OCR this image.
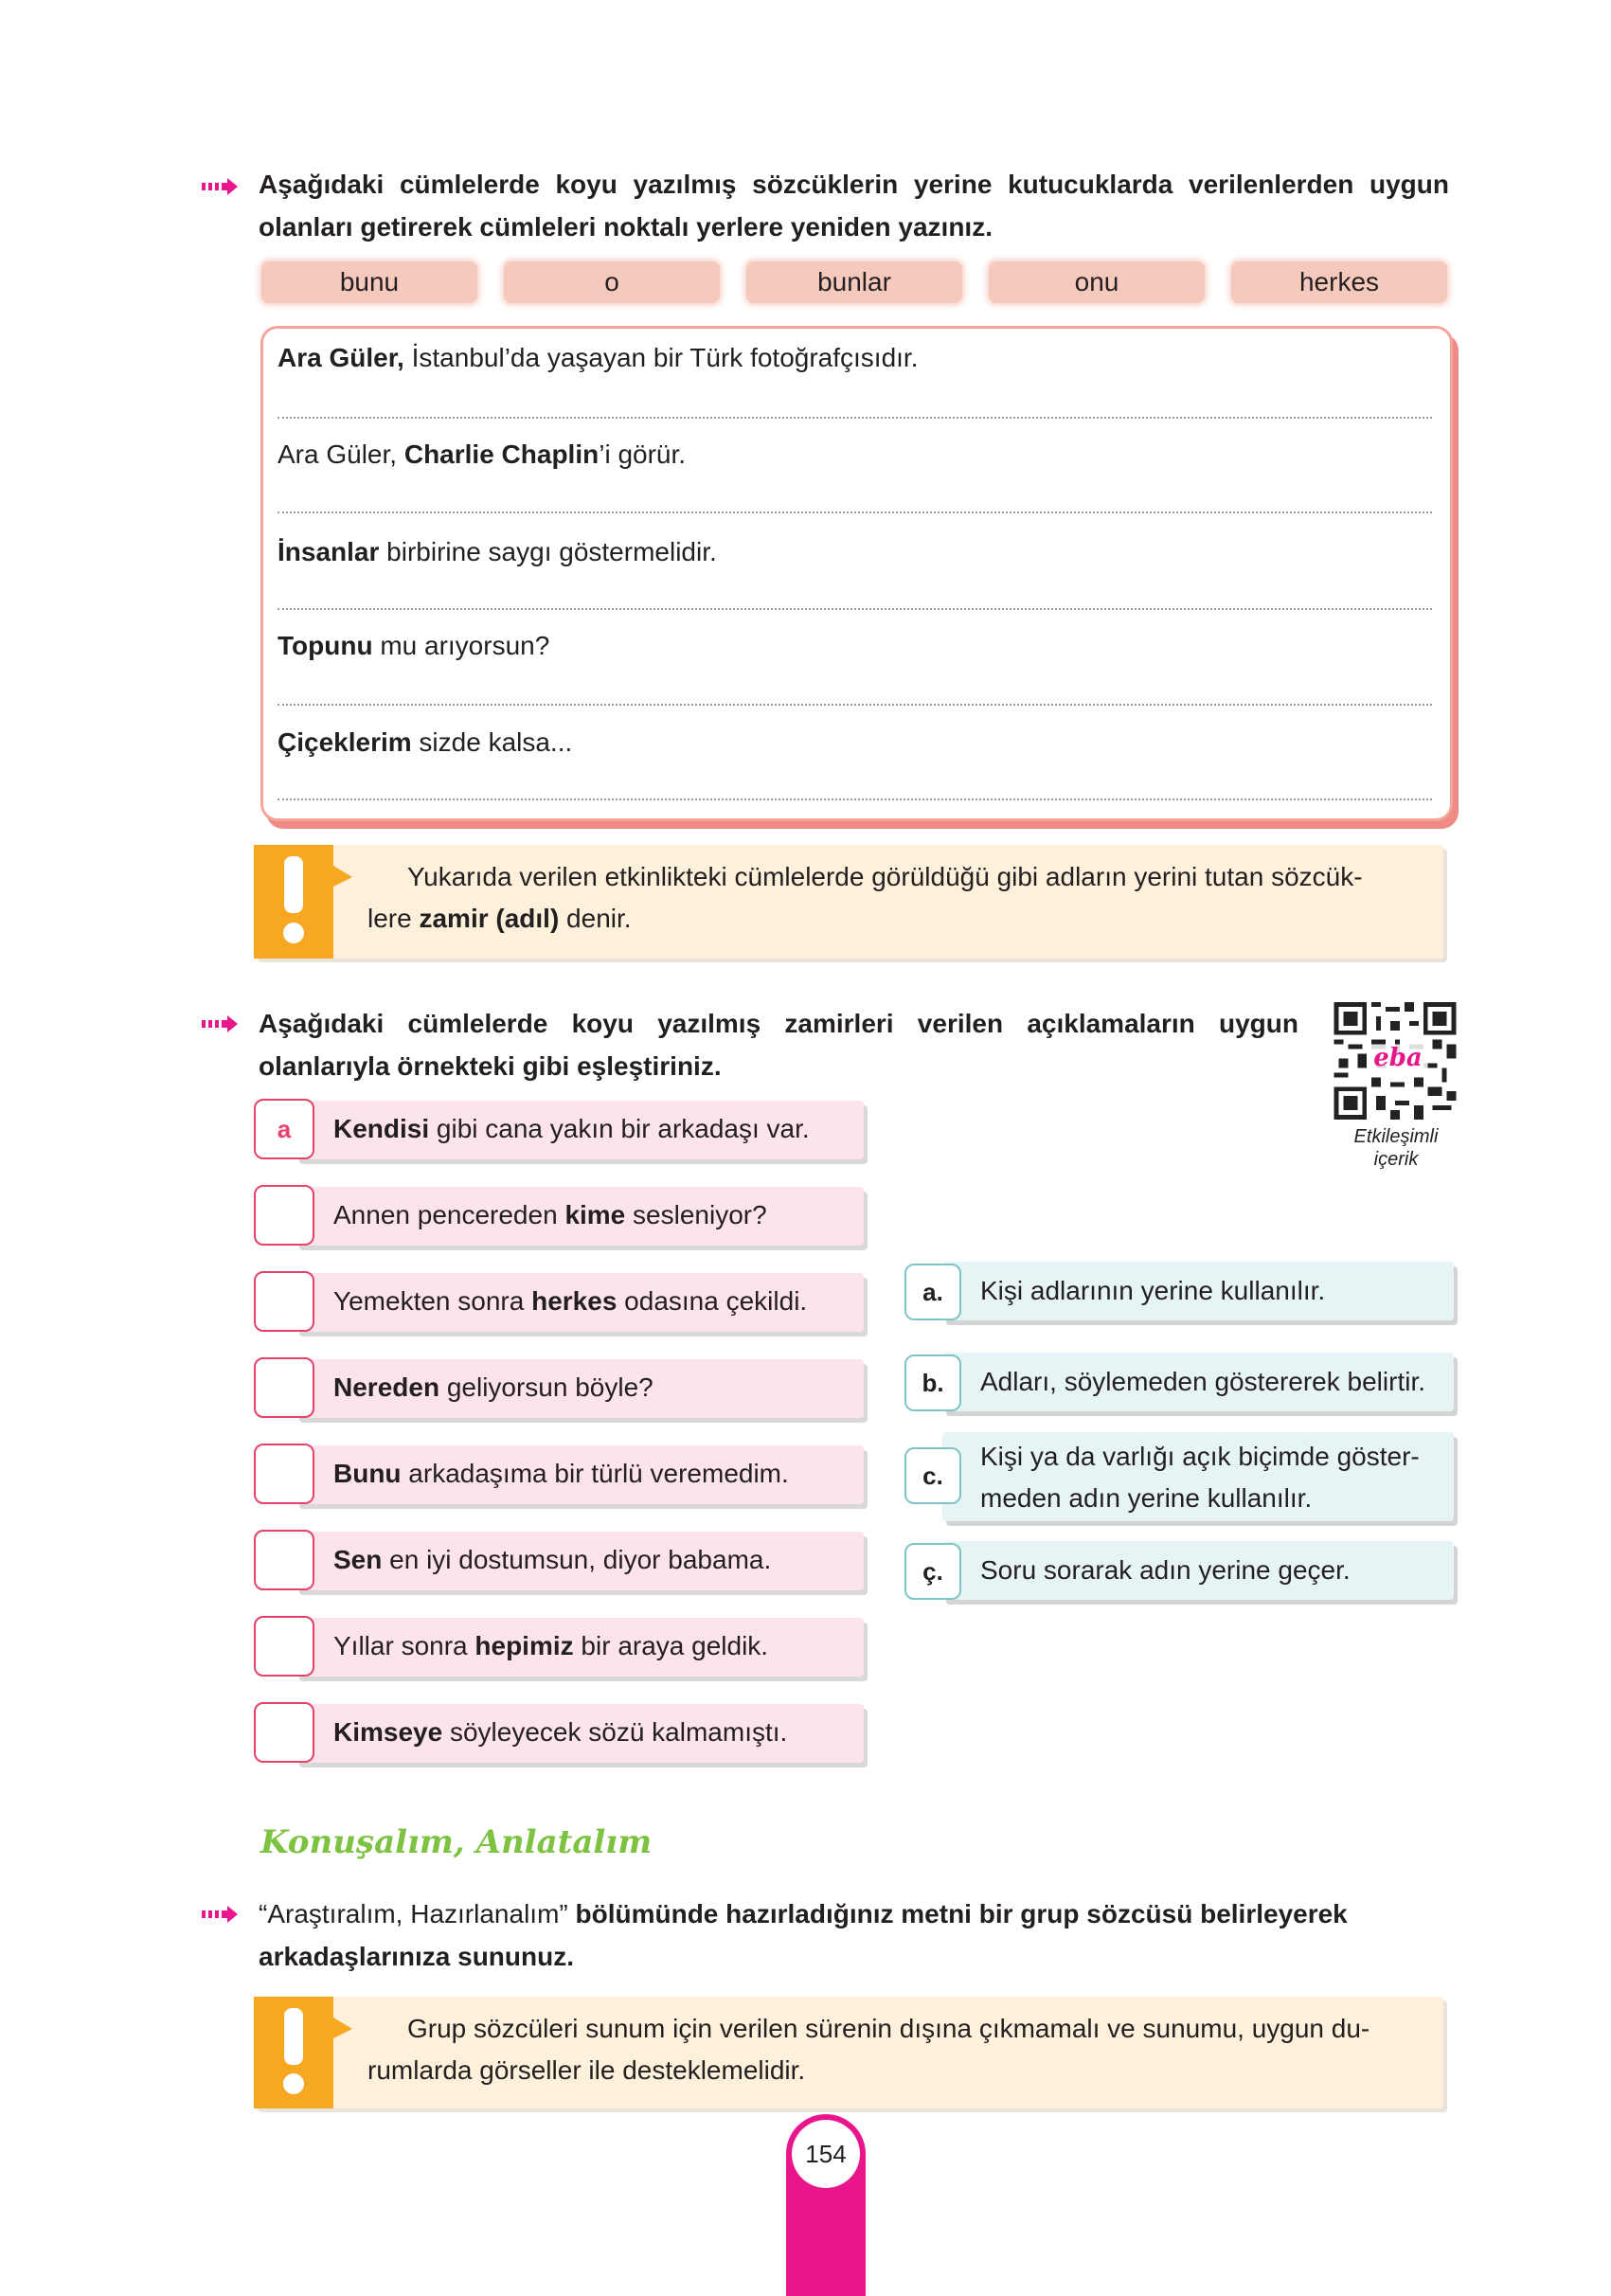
Aşağıdaki cümlelerde koyu yazılmış sözcüklerin yerine kutucuklarda verilenlerden uygun olanları getirerek cümleleri noktalı yerlere yeniden yazınız.
bunu	o	bunlar	onu	herkes
Ara Güler, İstanbul’da yaşayan bir Türk fotoğrafçısıdır.
Ara Güler, Charlie Chaplin’i görür.
İnsanlar birbirine saygı göstermelidir.
Topunu mu arıyorsun?
Çiçeklerim sizde kalsa...
Yukarıda verilen etkinlikteki cümlelerde görüldüğü gibi adların yerini tutan sözcük-
lere zamir (adıl) denir.
Aşağıdaki cümlelerde koyu yazılmış zamirleri verilen açıklamaların uygun olanlarıyla örnekteki gibi eşleştiriniz.	eba
Etkileşimli
içerik
a	Kendisi gibi cana yakın bir arkadaşı var.
Annen pencereden kime sesleniyor?
Yemekten sonra herkes odasına çekildi.
Nereden geliyorsun böyle?
Bunu arkadaşıma bir türlü veremedim.
Sen en iyi dostumsun, diyor babama.
Yıllar sonra hepimiz bir araya geldik.
Kimseye söyleyecek sözü kalmamıştı.
a.	Kişi adlarının yerine kullanılır.
b.	Adları, söylemeden göstererek belirtir.
c.
Kişi ya da varlığı açık biçimde göster-
meden adın yerine kullanılır.
ç.	Soru sorarak adın yerine geçer.
Konuşalım, Anlatalım
“Araştıralım, Hazırlanalım” bölümünde hazırladığınız metni bir grup sözcüsü belirleyerek
arkadaşlarınıza sununuz.
Grup sözcüleri sunum için verilen sürenin dışına çıkmamalı ve sunumu, uygun du-
rumlarda görseller ile desteklemelidir.
154
